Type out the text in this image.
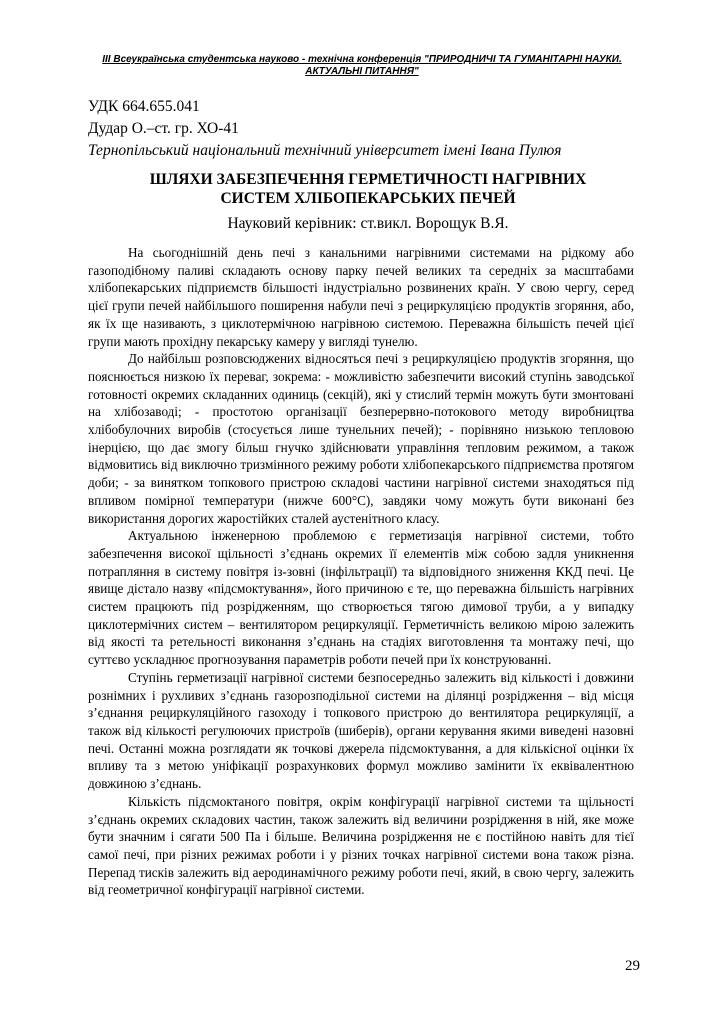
III Всеукраїнська студентська науково - технічна конференція "ПРИРОДНИЧІ ТА ГУМАНІТАРНІ НАУКИ.
АКТУАЛЬНІ ПИТАННЯ"
УДК 664.655.041
Дудар О.–ст. гр. ХО-41
Тернопільський національний технічний університет імені Івана Пулюя
ШЛЯХИ ЗАБЕЗПЕЧЕННЯ ГЕРМЕТИЧНОСТІ НАГРІВНИХ
СИСТЕМ ХЛІБОПЕКАРСЬКИХ ПЕЧЕЙ
Науковий керівник: ст.викл. Ворощук В.Я.

На сьогоднішній день печі з канальними нагрівними системами на рідкому або газоподібному паливі складають основу парку печей великих та середніх за масштабами хлібопекарських підприємств більшості індустріально розвинених країн. У свою чергу, серед цієї групи печей найбільшого поширення набули печі з рециркуляцією продуктів згоряння, або, як їх ще називають, з циклотермічною нагрівною системою. Переважна більшість печей цієї групи мають прохідну пекарську камеру у вигляді тунелю.

До найбільш розповсюджених відносяться печі з рециркуляцією продуктів згоряння, що пояснюється низкою їх переваг, зокрема: - можливістю забезпечити високий ступінь заводської готовності окремих складанних одиниць (секцій), які у стислий термін можуть бути змонтовані на хлібозаводі; - простотою організації безперервно-потокового методу виробництва хлібобулочних виробів (стосується лише тунельних печей); - порівняно низькою тепловою інерцією, що дає змогу більш гнучко здійснювати управління тепловим режимом, а також відмовитись від виключно тризмінного режиму роботи хлібопекарського підприємства протягом доби; - за винятком топкового пристрою складові частини нагрівної системи знаходяться під впливом помірної температури (нижче 600°С), завдяки чому можуть бути виконані без використання дорогих жаростійких сталей аустенітного класу.

Актуальною інженерною проблемою є герметизація нагрівної системи, тобто забезпечення високої щільності з’єднань окремих її елементів між собою задля уникнення потрапляння в систему повітря із-зовні (інфільтрації) та відповідного зниження ККД печі. Це явище дістало назву «підсмоктування», його причиною є те, що переважна більшість нагрівних систем працюють під розрідженням, що створюється тягою димової труби, а у випадку циклотермічних систем – вентилятором рециркуляції. Герметичність великою мірою залежить від якості та ретельності виконання з’єднань на стадіях виготовлення та монтажу печі, що суттєво ускладнює прогнозування параметрів роботи печей при їх конструюванні.

Ступінь герметизації нагрівної системи безпосередньо залежить від кількості і довжини рознімних і рухливих з’єднань газорозподільної системи на ділянці розрідження – від місця з’єднання рециркуляційного газоходу і топкового пристрою до вентилятора рециркуляції, а також від кількості регулюючих пристроїв (шиберів), органи керування якими виведені назовні печі. Останні можна розглядати як точкові джерела підсмоктування, а для кількісної оцінки їх впливу та з метою уніфікації розрахункових формул можливо замінити їх еквівалентною довжиною з’єднань.

Кількість підсмоктаного повітря, окрім конфігурації нагрівної системи та щільності з’єднань окремих складових частин, також залежить від величини розрідження в ній, яке може бути значним і сягати 500 Па і більше. Величина розрідження не є постійною навіть для тієї самої печі, при різних режимах роботи і у різних точках нагрівної системи вона також різна. Перепад тисків залежить від аеродинамічного режиму роботи печі, який, в свою чергу, залежить від геометричної конфігурації нагрівної системи.

29
